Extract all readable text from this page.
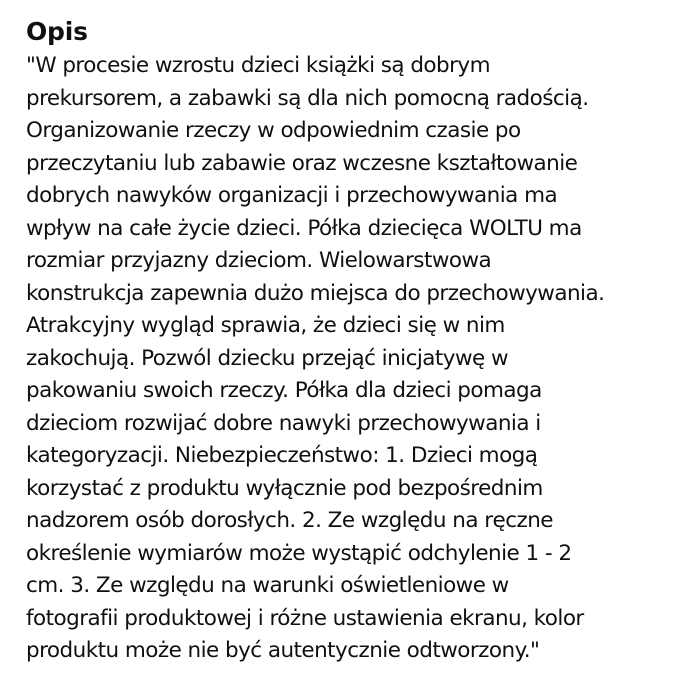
Opis

"W procesie wzrostu dzieci książki są dobrym
prekursorem, a zabawki są dla nich pomocną radością.
Organizowanie rzeczy w odpowiednim czasie po
przeczytaniu lub zabawie oraz wczesne kształtowanie
dobrych nawyków organizacji i przechowywania ma
wpływ na całe życie dzieci. Półka dziecięca WOLTU ma
rozmiar przyjazny dzieciom. Wielowarstwowa
konstrukcja zapewnia dużo miejsca do przechowywania.
Atrakcyjny wygląd sprawia, że dzieci się w nim
zakochują. Pozwól dziecku przejąć inicjatywę w
pakowaniu swoich rzeczy. Półka dla dzieci pomaga
dzieciom rozwijać dobre nawyki przechowywania i
kategoryzacji. Niebezpieczeństwo: 1. Dzieci mogą
korzystać z produktu wyłącznie pod bezpośrednim
nadzorem osób dorosłych. 2. Ze względu na ręczne
określenie wymiarów może wystąpić odchylenie 1 - 2
cm. 3. Ze względu na warunki oświetleniowe w
fotografii produktowej i różne ustawienia ekranu, kolor
produktu może nie być autentycznie odtworzony."
